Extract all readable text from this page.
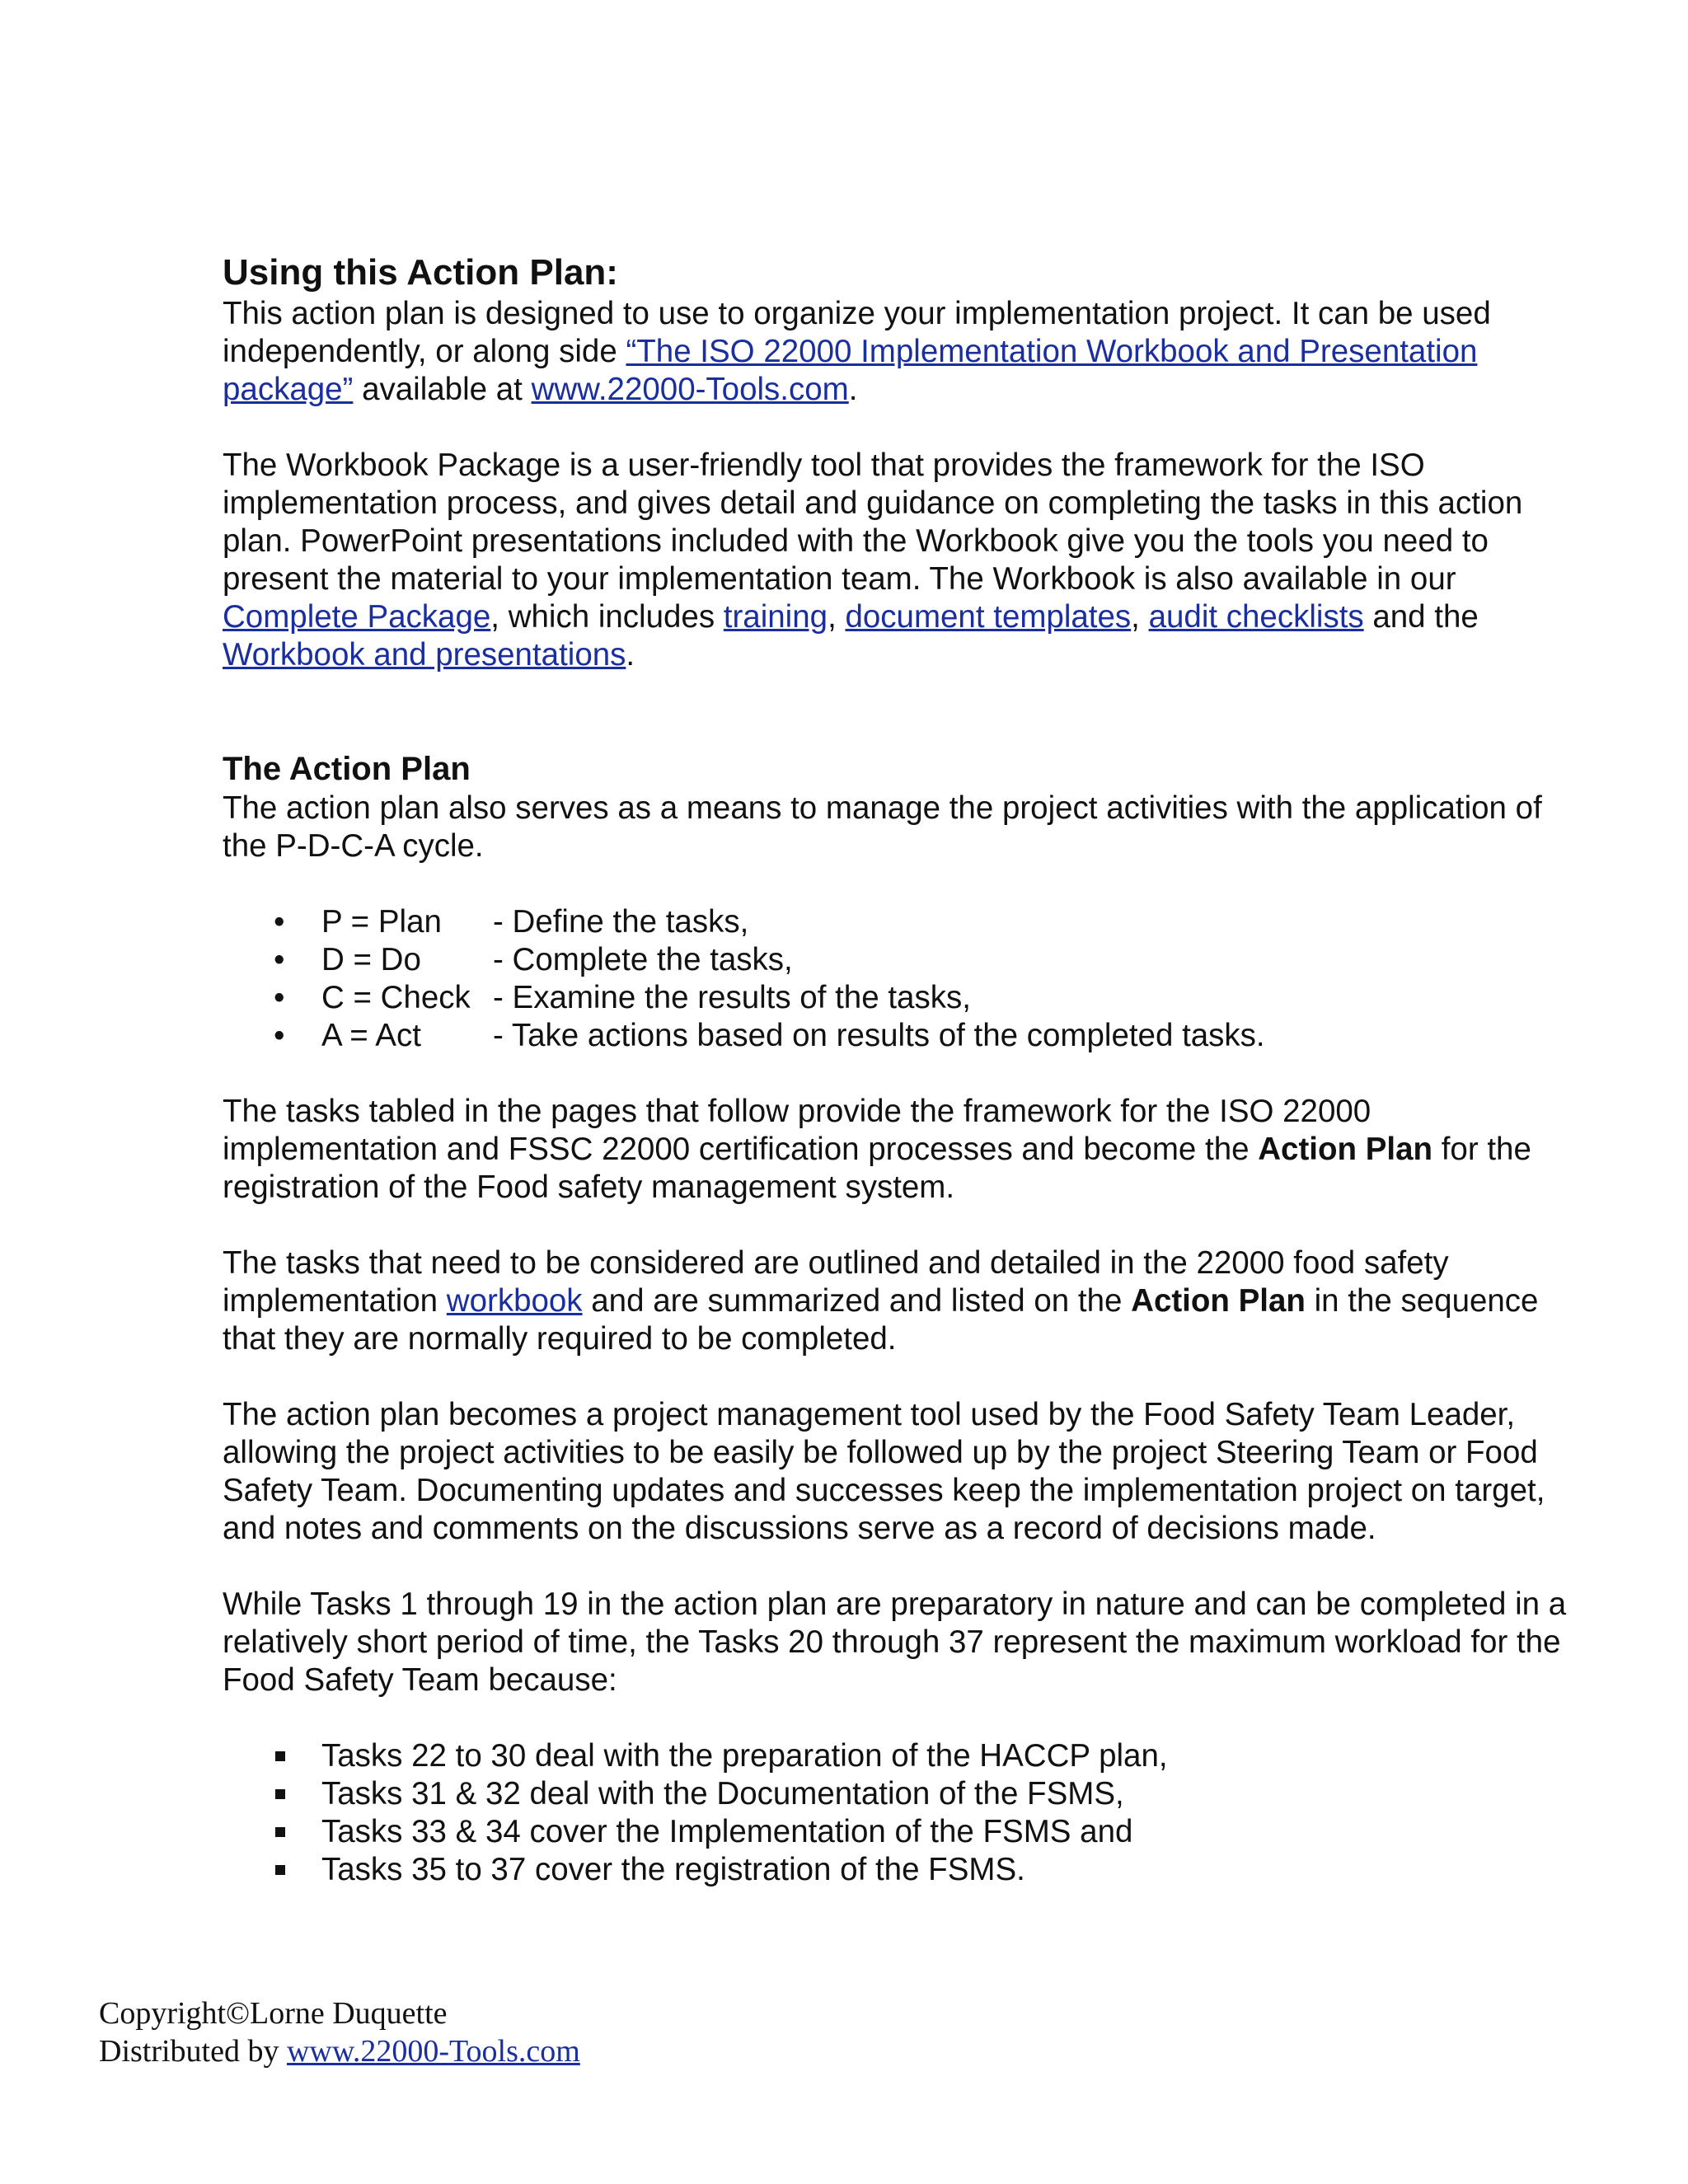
Using this Action Plan:

This action plan is designed to use to organize your implementation project. It can be used independently, or along side “The ISO 22000 Implementation Workbook and Presentation package” available at www.22000-Tools.com.

The Workbook Package is a user-friendly tool that provides the framework for the ISO implementation process, and gives detail and guidance on completing the tasks in this action plan. PowerPoint presentations included with the Workbook give you the tools you need to present the material to your implementation team. The Workbook is also available in our Complete Package, which includes training, document templates, audit checklists and the Workbook and presentations.

The Action Plan

The action plan also serves as a means to manage the project activities with the application of the P-D-C-A cycle.

• P = Plan - Define the tasks,
• D = Do - Complete the tasks,
• C = Check - Examine the results of the tasks,
• A = Act - Take actions based on results of the completed tasks.

The tasks tabled in the pages that follow provide the framework for the ISO 22000 implementation and FSSC 22000 certification processes and become the Action Plan for the registration of the Food safety management system.

The tasks that need to be considered are outlined and detailed in the 22000 food safety implementation workbook and are summarized and listed on the Action Plan in the sequence that they are normally required to be completed.

The action plan becomes a project management tool used by the Food Safety Team Leader, allowing the project activities to be easily be followed up by the project Steering Team or Food Safety Team. Documenting updates and successes keep the implementation project on target, and notes and comments on the discussions serve as a record of decisions made.

While Tasks 1 through 19 in the action plan are preparatory in nature and can be completed in a relatively short period of time, the Tasks 20 through 37 represent the maximum workload for the Food Safety Team because:

Tasks 22 to 30 deal with the preparation of the HACCP plan,
Tasks 31 & 32 deal with the Documentation of the FSMS,
Tasks 33 & 34 cover the Implementation of the FSMS and
Tasks 35 to 37 cover the registration of the FSMS.
Copyright©Lorne Duquette
Distributed by www.22000-Tools.com
